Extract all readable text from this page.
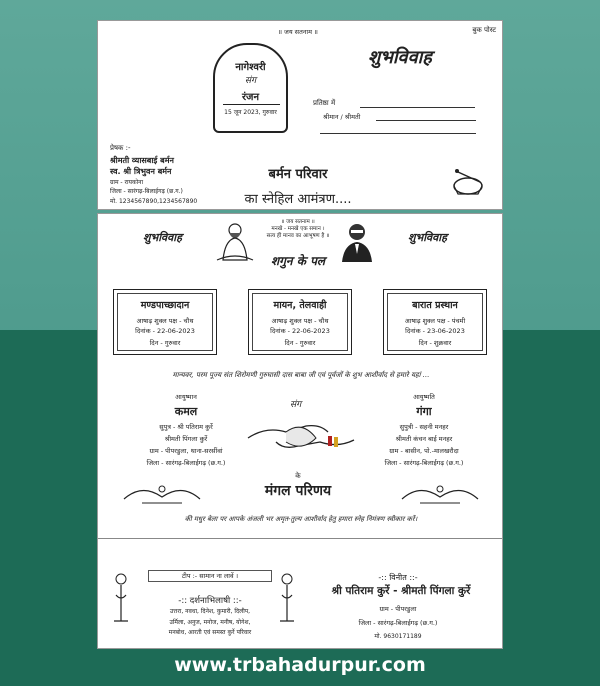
॥ जय सतनाम ॥	बुक पोस्ट
नागेश्वरी
संग
रंजन
15 जून 2023, गुरुवार
शुभविवाह
प्रतिष्ठा में
श्रीमान / श्रीमती
प्रेषक :-
श्रीमती व्यासबाई बर्मन
स्व. श्री त्रिभुवन बर्मन
ग्राम - रायकोना
जिला - सारंगढ़-बिलाईगढ़ (छ.ग.)
मो. 1234567890,1234567890
बर्मन परिवार
का स्नेहिल आमंत्रण....
॥ जय सतनाम ॥
मनखे - मनखे एक समान ।
सत्य ही मानव का आभूषण है ॥
शुभविवाह	शुभविवाह
शगुन के पल
मण्डपाच्छादान
आषाढ़ शुक्ल पक्ष - चौथ
दिनांक - 22-06-2023
दिन - गुरुवार
मायन, तेलवाही
आषाढ़ शुक्ल पक्ष - चौथ
दिनांक - 22-06-2023
दिन - गुरुवार
बारात प्रस्थान
आषाढ़ शुक्ल पक्ष - पंचमी
दिनांक - 23-06-2023
दिन - शुक्रवार
मान्यवर, परम पूज्य संत शिरोमणी गुरुघासी दास बाबा जी एवं पूर्वजों के शुभ आशीर्वाद से हमारे यहां ...
आयुष्मान
कमल
सुपुत्र - श्री पतिराम कुर्रे
श्रीमती पिंगला कुर्रे
ग्राम - पीपरडुला, थाना-सरसींवां
जिला - सारंगढ़-बिलाईगढ़ (छ.ग.)
संग
आयुष्मति
गंगा
सुपुत्री - सहनी मनहर
श्रीमती कंचन बाई मनहर
ग्राम - बासीन, पो.-मालखरौदा
जिला - सारंगढ़-बिलाईगढ़ (छ.ग.)
के
मंगल परिणय
की मधुर बेला पर आपके अंजली भर अमृत-तुल्य आशीर्वाद हेतु हमारा स्नेह निमंत्रण स्वीकार करें।
टीप :- सामान ना लावें ।
-:: दर्शनाभिलाषी ::-
उत्तरा, नवधा, दिनेश, कुमारी, दिलीप,
उर्मिला, अनुज, मनोज, मनीष, योगेश,
मनबोध, आरती एवं समस्त कुर्रे परिवार
-:: विनीत ::-
श्री पतिराम कुर्रे - श्रीमती पिंगला कुर्रे
ग्राम - पीपरडुला
जिला - सारंगढ़-बिलाईगढ़ (छ.ग.)
मो. 9630171189
www.trbahadurpur.com
